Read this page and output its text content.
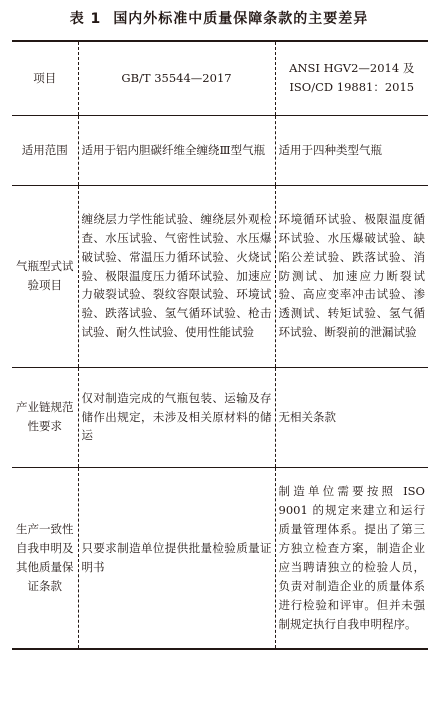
表 1 国内外标准中质量保障条款的主要差异
项目	GB/T 35544—2017	ANSI HGV2—2014 及 ISO/CD 19881：2015
适用范围	适用于铝内胆碳纤维全缠绕Ⅲ型气瓶	适用于四种类型气瓶
气瓶型式试验项目	缠绕层力学性能试验、缠绕层外观检查、水压试验、气密性试验、水压爆破试验、常温压力循环试验、火烧试验、极限温度压力循环试验、加速应力破裂试验、裂纹容限试验、环境试验、跌落试验、氢气循环试验、枪击试验、耐久性试验、使用性能试验	环境循环试验、极限温度循环试验、水压爆破试验、缺陷公差试验、跌落试验、消防测试、加速应力断裂试验、高应变率冲击试验、渗透测试、转矩试验、氢气循环试验、断裂前的泄漏试验
产业链规范性要求	仅对制造完成的气瓶包装、运输及存储作出规定，未涉及相关原材料的储运	无相关条款
生产一致性自我申明及其他质量保证条款	只要求制造单位提供批量检验质量证明书	制造单位需要按照 ISO 9001 的规定来建立和运行质量管理体系。提出了第三方独立检查方案，制造企业应当聘请独立的检验人员，负责对制造企业的质量体系进行检验和评审。但并未强制规定执行自我申明程序。
